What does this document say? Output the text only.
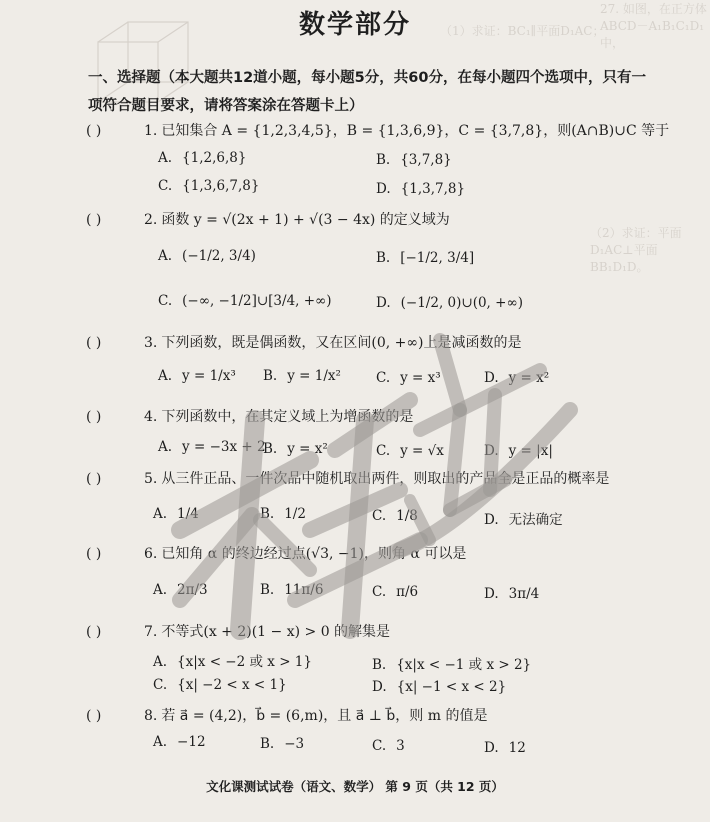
27. 如图，在正方体 ABCD－A₁B₁C₁D₁中，
（1）求证：BC₁∥平面D₁AC；
（2）求证：平面D₁AC⊥平面BB₁D₁D。
数学部分
一、选择题（本大题共12道小题，每小题5分，共60分，在每小题四个选项中，只有一项符合题目要求，请将答案涂在答题卡上）
( )	1. 已知集合 A = {1,2,3,4,5}，B = {1,3,6,9}，C = {3,7,8}，则(A∩B)∪C 等于
A. {1,2,6,8}	B. {3,7,8}
C. {1,3,6,7,8}	D. {1,3,7,8}
( )	2. 函数 y = √(2x + 1) + √(3 − 4x) 的定义域为
A. (−1/2, 3/4)	B. [−1/2, 3/4]
C. (−∞, −1/2]∪[3/4, +∞)	D. (−1/2, 0)∪(0, +∞)
( )	3. 下列函数，既是偶函数，又在区间(0, +∞)上是减函数的是
A. y = 1/x³ B. y = 1/x²	C. y = x³	D. y = x²
( )	4. 下列函数中，在其定义域上为增函数的是
A. y = −3x + 2
B. y = x²	C. y = √x	D. y = |x|
( )	5. 从三件正品、一件次品中随机取出两件，则取出的产品全是正品的概率是
A. 1/4	B. 1/2	C. 1/8	D. 无法确定
( )	6. 已知角 α 的终边经过点(√3, −1)，则角 α 可以是
A. 2π/3	B. 11π/6	C. π/6	D. 3π/4
( )	7. 不等式(x + 2)(1 − x) > 0 的解集是
A. {x|x < −2 或 x > 1}	B. {x|x < −1 或 x > 2}
C. {x| −2 < x < 1}	D. {x| −1 < x < 2}
( )	8. 若 a⃗ = (4,2)，b⃗ = (6,m)，且 a⃗ ⊥ b⃗，则 m 的值是
A. −12	B. −3	C. 3	D. 12
文化课测试试卷（语文、数学） 第 9 页（共 12 页）
